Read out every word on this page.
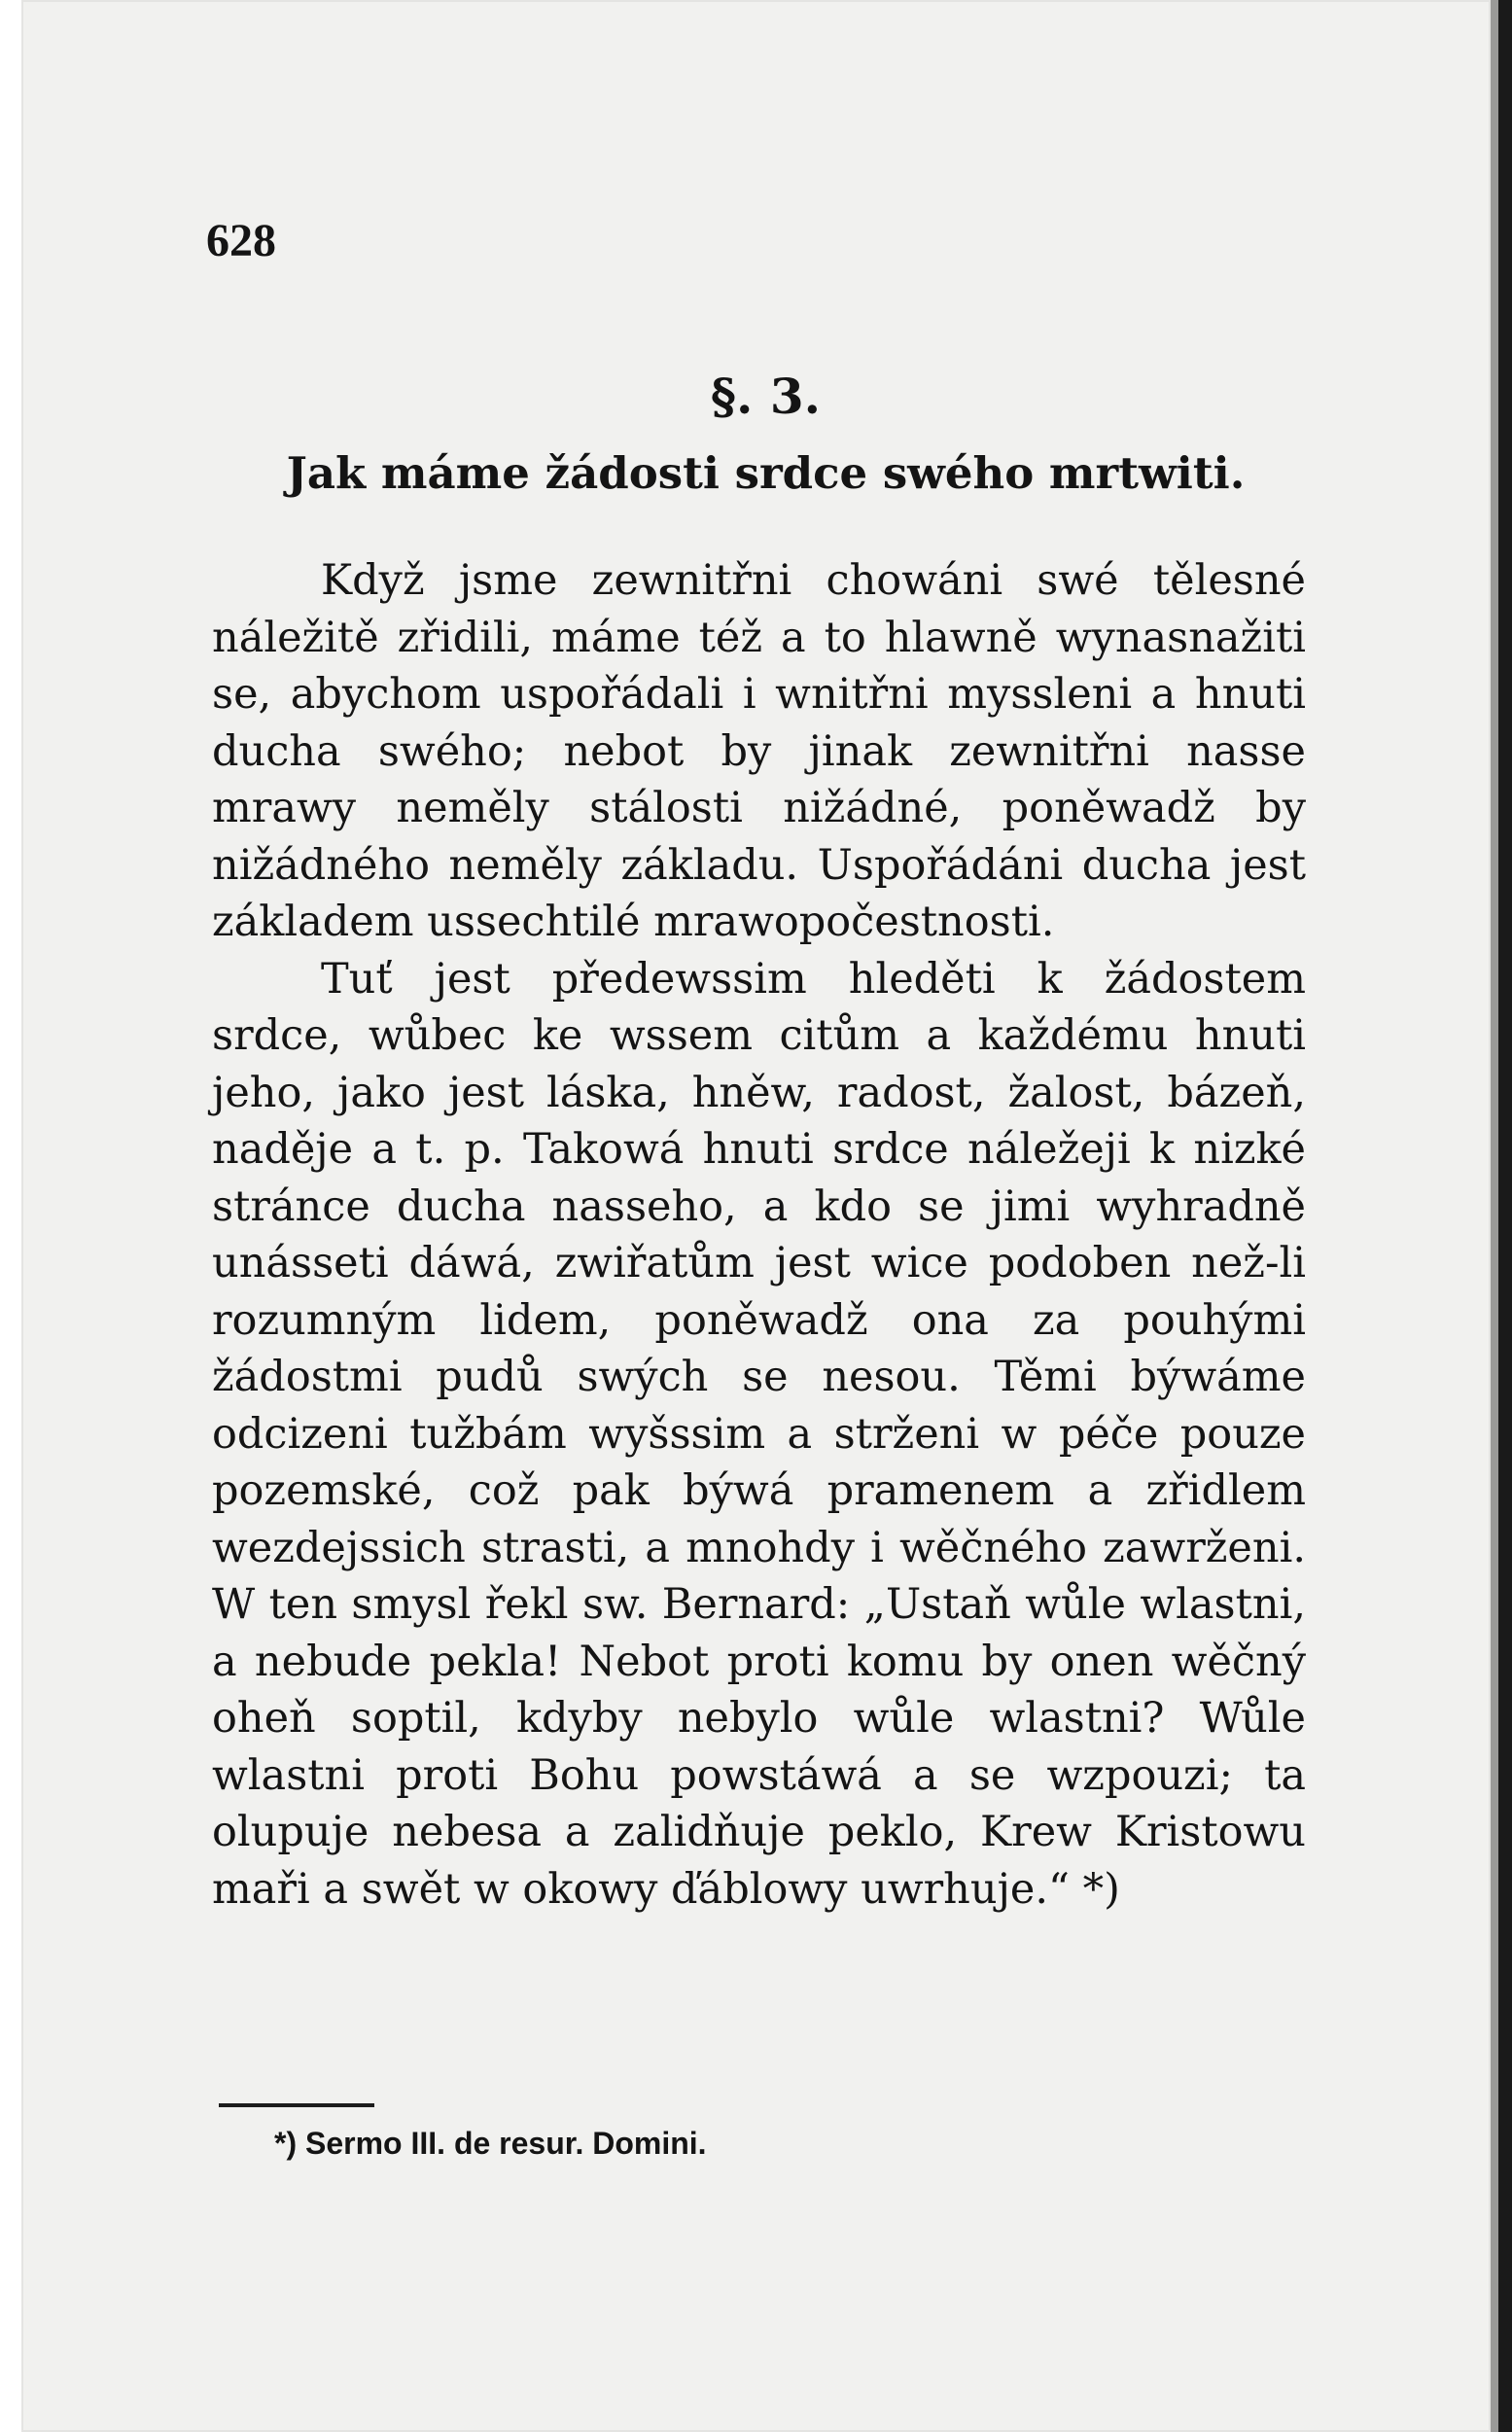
628
§. 3.
Jak máme žádosti srdce swého mrtwiti.

Když jsme zewnitřni chowáni swé tělesné náležitě zřidili, máme též a to hlawně wynasnažiti se, abychom uspořádali i wnitřni myssleni a hnuti ducha swého; nebot by jinak zewnitřni nasse mrawy neměly stálosti nižádné, poněwadž by nižádného neměly základu. Uspořádáni ducha jest základem ussechtilé mrawopočestnosti.

Tuť jest předewssim hleděti k žádostem srdce, wůbec ke wssem citům a každému hnuti jeho, jako jest láska, hněw, radost, žalost, bázeň, naděje a t. p. Takowá hnuti srdce náležeji k nizké stránce ducha nasseho, a kdo se jimi wyhradně unásseti dáwá, zwiřatům jest wice podoben než-li rozumným lidem, poněwadž ona za pouhými žádostmi pudů swých se nesou. Těmi býwáme odcizeni tužbám wyšssim a strženi w péče pouze pozemské, což pak býwá pramenem a zřidlem wezdejssich strasti, a mnohdy i wěčného zawrženi. W ten smysl řekl sw. Bernard: „Ustaň wůle wlastni, a nebude pekla! Nebot proti komu by onen wěčný oheň soptil, kdyby nebylo wůle wlastni? Wůle wlastni proti Bohu powstáwá a se wzpouzi; ta olupuje nebesa a zalidňuje peklo, Krew Kristowu maři a swět w okowy ďáblowy uwrhuje.“ *)

*) Sermo III. de resur. Domini.
